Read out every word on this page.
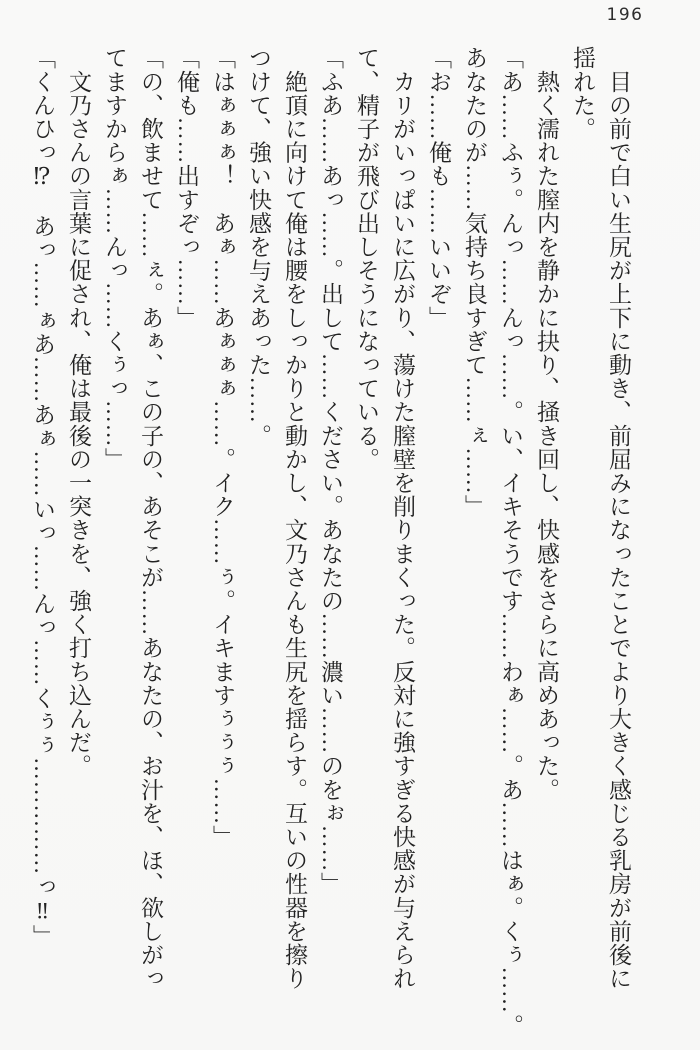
196

　目の前で白い生尻が上下に動き、前屈みになったことでより大きく感じる乳房が前後に

揺れた。

　熱く濡れた膣内を静かに抉り、掻き回し、快感をさらに高めあった。

「あ……ふぅ。んっ……んっ……。い、イキそうです……わぁ……。あ……はぁ。くぅ……。

あなたのが……気持ち良すぎて……ぇ……」

「お……俺も……いいぞ」

　カリがいっぱいに広がり、蕩けた膣壁を削りまくった。反対に強すぎる快感が与えられ

て、精子が飛び出しそうになっている。

「ふあ……あっ……。出して……ください。あなたの……濃い……のをぉ……」

　絶頂に向けて俺は腰をしっかりと動かし、文乃さんも生尻を揺らす。互いの性器を擦り

つけて、強い快感を与えあった……。

「はぁぁぁ！　あぁ……あぁぁぁ……。イク……ぅ。イキますぅぅぅ……」

「俺も……出すぞっ……」

「の、飲ませて……ぇ。あぁ、この子の、あそこが……あなたの、お汁を、ほ、欲しがっ

てますからぁ……んっ……くぅっ……」

　文乃さんの言葉に促され、俺は最後の一突きを、強く打ち込んだ。

「くんひっ⁉　あっ……ぁあ……あぁ……いっ……んっ……くぅぅ……………っ‼」
